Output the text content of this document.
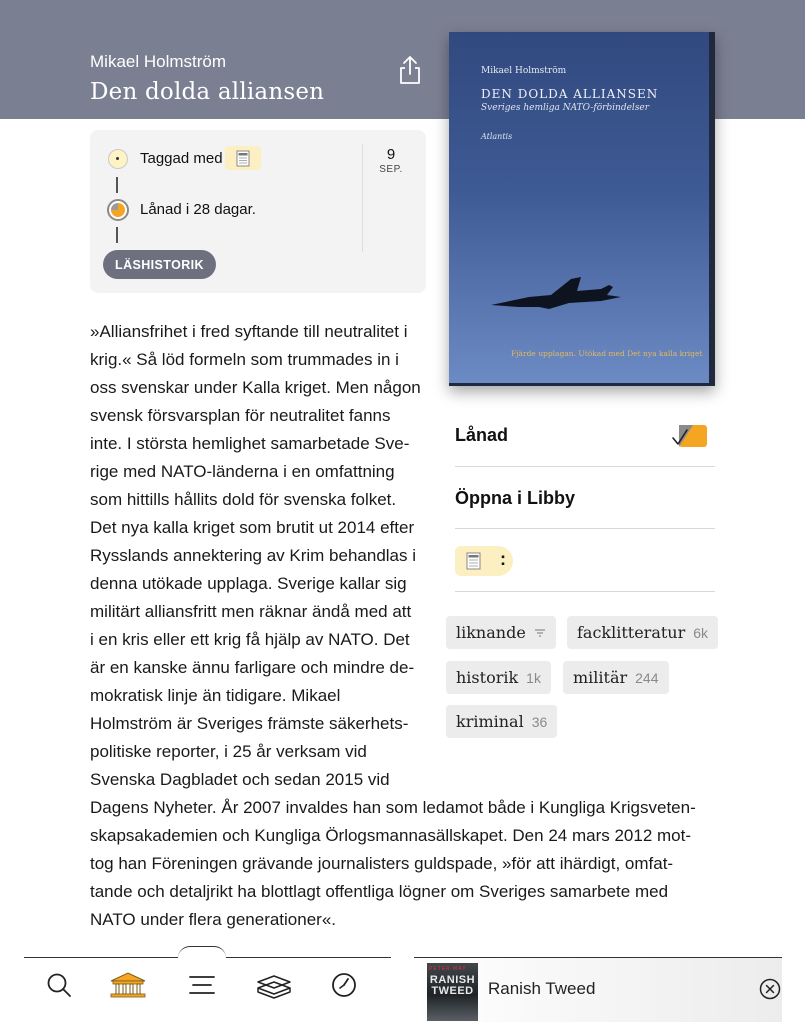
Mikael Holmström
Den dolda alliansen
Taggad med
Lånad i 28 dagar.
9
SEP.
LÄSHISTORIK
»Alliansfrihet i fred syftande till neutralitet i
krig.« Så löd formeln som trummades in i
oss svenskar under Kalla kriget. Men någon
svensk försvarsplan för neutralitet fanns
inte. I största hemlighet samarbetade Sve-
rige med NATO-länderna i en omfattning
som hittills hållits dold för svenska folket.
Det nya kalla kriget som brutit ut 2014 efter
Rysslands annektering av Krim behandlas i
denna utökade upplaga. Sverige kallar sig
militärt alliansfritt men räknar ändå med att
i en kris eller ett krig få hjälp av NATO. Det
är en kanske ännu farligare och mindre de-
mokratisk linje än tidigare. Mikael
Holmström är Sveriges främste säkerhets-
politiske reporter, i 25 år verksam vid
Svenska Dagbladet och sedan 2015 vid
Dagens Nyheter. År 2007 invaldes han som ledamot både i Kungliga Krigsveten-
skapsakademien och Kungliga Örlogsmannasällskapet. Den 24 mars 2012 mot-
tog han Föreningen grävande journalisters guldspade, »för att ihärdigt, omfat-
tande och detaljrikt ha blottlagt offentliga lögner om Sveriges samarbete med
NATO under flera generationer«.
Mikael Holmström
DEN DOLDA ALLIANSEN
Sveriges hemliga NATO-förbindelser
Atlantis
Fjärde upplagan. Utökad med Det nya kalla kriget
Lånad
Öppna i Libby
:
liknande	facklitteratur 6k
historik 1k militär 244
kriminal 36
PETER MAY
RANISH TWEED Ranish Tweed
